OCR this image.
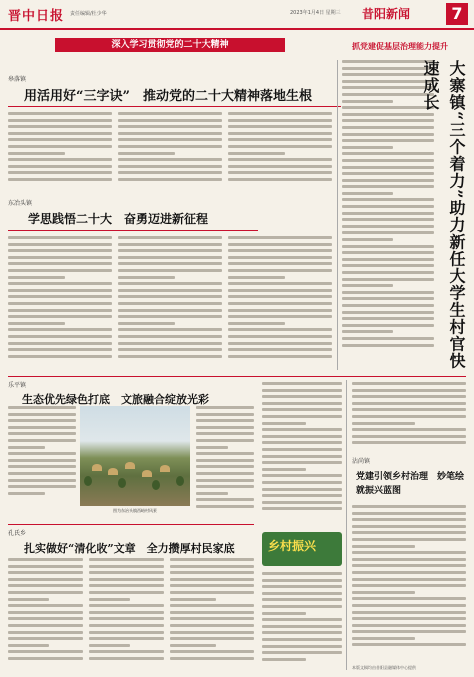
晋中日报 责任编辑/杜少华	2023年1月4日 星期三 昔阳新闻	7
深入学习贯彻党的二十大精神	抓党建促基层治理能力提升
皋落镇
用活用好“三字诀”　推动党的二十大精神落地生根
东冶头镇
学思践悟二十大　奋勇迈进新征程	大寨镇“三个着力”助力新任大学生村官快速成长
乐平镇
生态优先绿色打底　文旅融合绽放光彩
图为东冶头镇西峪村风景
乡村振兴
孔氏乡
扎实做好“清化收”文章　全力攒厚村民家底
沾尚镇
党建引领乡村治理　妙笔绘就振兴蓝图
本版文稿均由昔阳县融媒体中心提供
